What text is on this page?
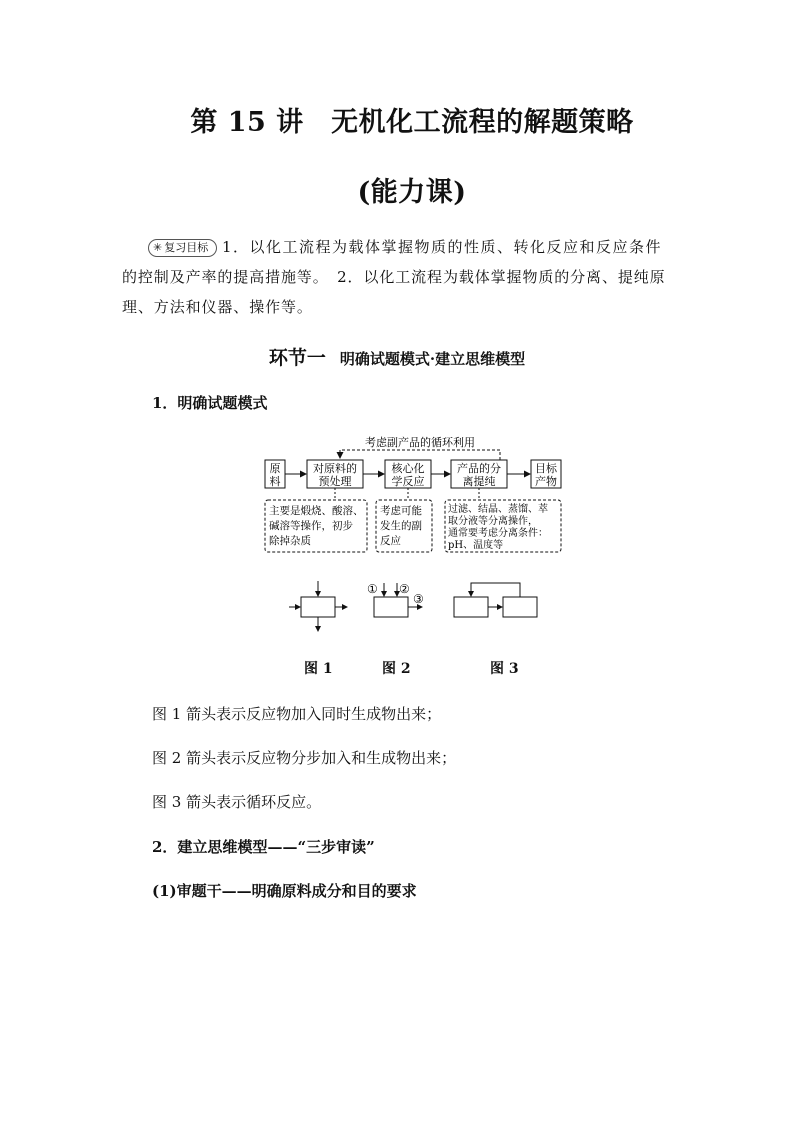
第 15 讲　无机化工流程的解题策略
(能力课)
✳ 复习目标 1．以化工流程为载体掌握物质的性质、转化反应和反应条件
的控制及产率的提高措施等。　2．以化工流程为载体掌握物质的分离、提纯原
理、方法和仪器、操作等。
环节一 明确试题模式·建立思维模型
1．明确试题模式
考虑副产品的循环利用
原
料
对原料的
预处理
核心化
学反应
产品的分
离提纯
目标
产物
主要是煅烧、酸溶、
碱溶等操作，初步
除掉杂质
考虑可能
发生的副
反应
过滤、结晶、蒸馏、萃
取分液等分离操作，
通常要考虑分离条件：
pH、温度等
① ②
③
图 1	图 2	图 3
图 1 箭头表示反应物加入同时生成物出来；
图 2 箭头表示反应物分步加入和生成物出来；
图 3 箭头表示循环反应。
2．建立思维模型——“三步审读”
(1)审题干——明确原料成分和目的要求
